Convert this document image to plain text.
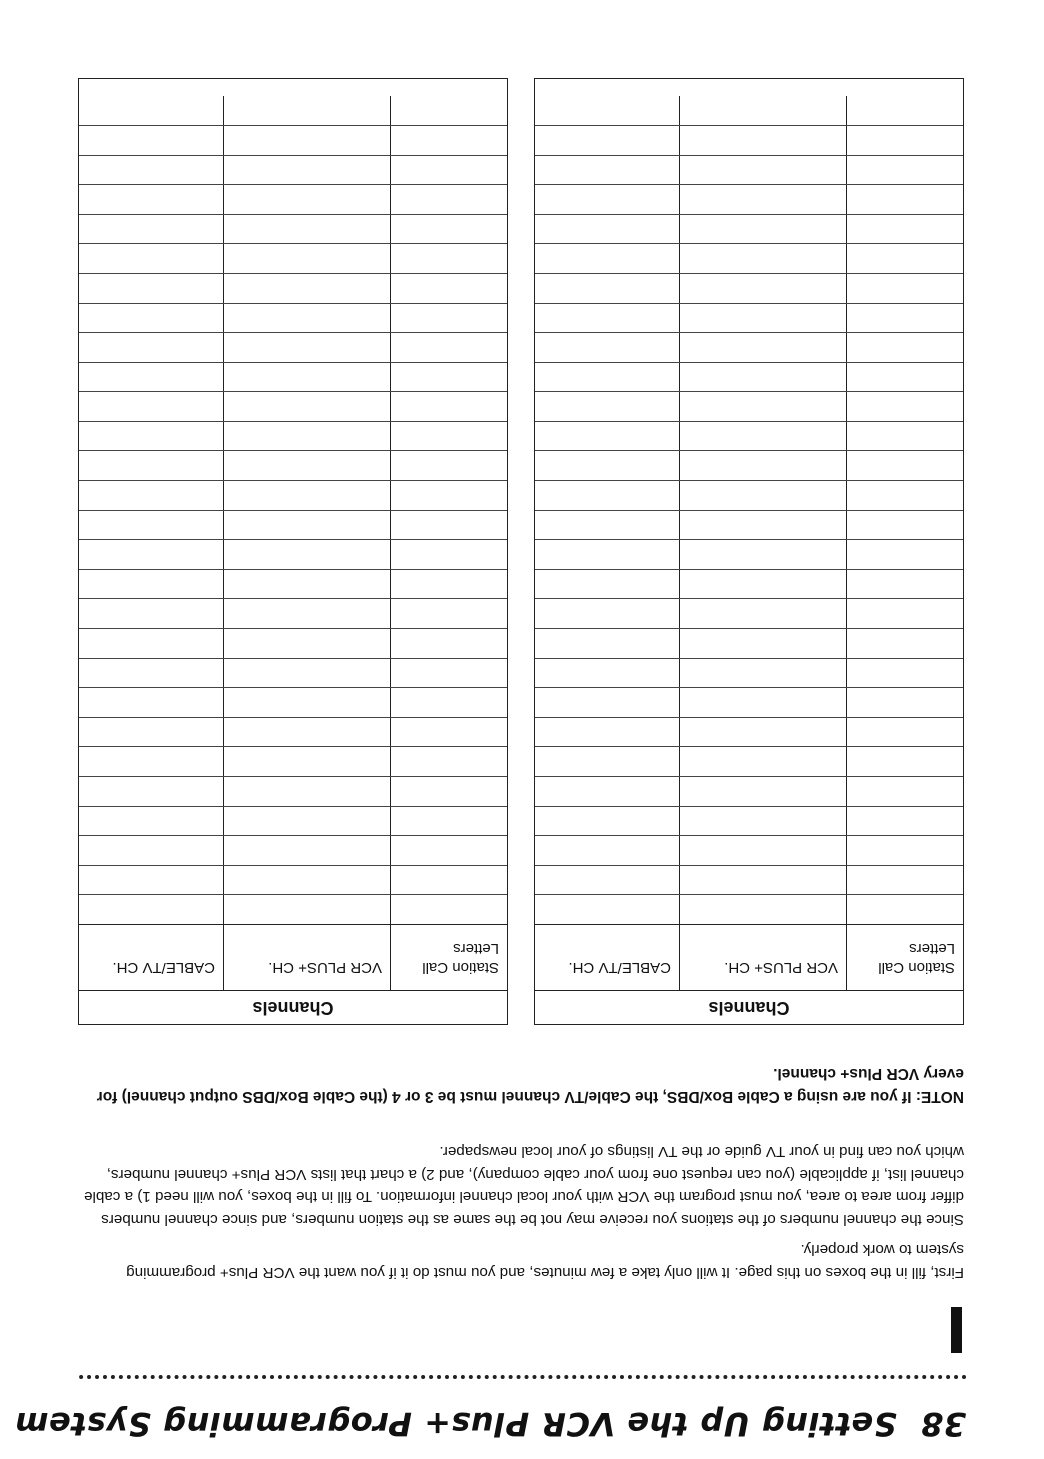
38 Setting Up the VCR Plus+ Programming System

First, fill in the boxes on this page. It will only take a few minutes, and you must do it if you want the VCR Plus+ programming system to work properly.

Since the channel numbers of the stations you receive may not be the same as the station numbers, and since channel numbers differ from area to area, you must program the VCR with your local channel information. To fill in the boxes, you will need 1) a cable channel list, if applicable (you can request one from your cable company), and 2) a chart that lists VCR Plus+ channel numbers, which you can find in your TV guide or the TV listings of your local newspaper.

NOTE: If you are using a Cable Box/DBS, the Cable/TV channel must be 3 or 4 (the Cable Box/DBS output channel) for every VCR Plus+ channel.
Channels
Station Call Letters
VCR PLUS+ CH.
CABLE/TV CH.
Channels
Station Call Letters
VCR PLUS+ CH.
CABLE/TV CH.
